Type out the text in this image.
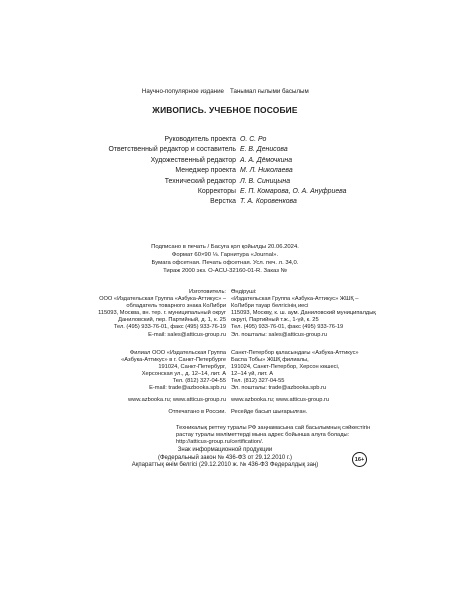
Научно-популярное издание Танымал ғылыми басылым
ЖИВОПИСЬ. УЧЕБНОЕ ПОСОБИЕ
Руководитель проекта О. С. Ро
Ответственный редактор и составитель Е. В. Денисова
Художественный редактор А. А. Дёмочкина
Менеджер проекта М. Л. Николаева
Технический редактор Л. В. Синицына
Корректоры Е. П. Комарова, О. А. Ануфриева
Верстка Т. А. Коровенкова
Подписано в печать / Басуға қол қойылды 20.06.2024.
Формат 60×90 ⅛. Гарнитура «Journal».
Бумага офсетная. Печать офсетная. Усл. печ. л. 34,0.
Тираж 2000 экз. О-ACU-32160-01-R. Заказ №
Изготовитель:
ООО «Издательская Группа «Азбука-Аттикус» –
обладатель товарного знака КоЛибри
115093, Москва, вн. тер. г. муниципальный округ
Даниловский, пер. Партийный, д. 1, к. 25
Тел. (495) 933-76-01, факс (495) 933-76-19
E-mail: sales@atticus-group.ru
Өндіруші:
«Издательская Группа «Азбука-Аттикус» ЖШҚ –
КоЛибри тауар белгісінің иесі
115093, Москву, к. ш. аум. Даниловский муниципалдық
округі, Партийный т.ж., 1-үй, к. 25
Тел. (495) 933-76-01, факс (495) 933-76-19
Эл. пошталы: sales@atticus-group.ru
Филиал ООО «Издательская Группа
«Азбука-Аттикус» в г. Санкт-Петербурге
191024, Санкт-Петербург,
Херсонская ул., д. 12–14, лит. А
Тел. (812) 327-04-55
E-mail: trade@azbooka.spb.ru
Санкт-Петербор қаласындағы «Азбука-Аттикус»
Баспа Тобы» ЖШҚ филиалы,
191024, Санкт-Петербор, Херсон көшесі,
12–14 үй, лит. А
Тел. (812) 327-04-55
Эл. пошталы: trade@azbooka.spb.ru
www.azbooka.ru; www.atticus-group.ru www.azbooka.ru; www.atticus-group.ru
Отпечатано в России. Ресейде басып шығарылған.
Техникалық реттеу туралы РФ заңнамасына сай басылымның сәйкестігін
растау туралы мәліметтерді мына адрес бойынша алуға болады:
http://atticus-group.ru/certification/.
Знак информационной продукции
(Федеральный закон № 436-ФЗ от 29.12.2010 г.)
Ақпараттық өнім белгісі (29.12.2010 ж. № 436-ФЗ Федералдық заң)
16+
